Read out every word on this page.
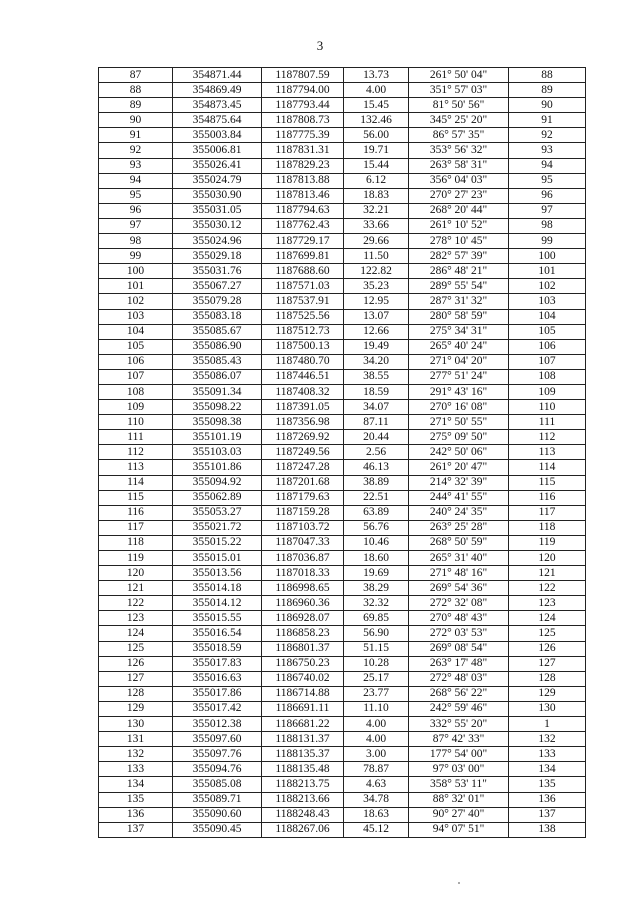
3
87	354871.44	1187807.59	13.73	261° 50' 04"	88
88	354869.49	1187794.00	4.00	351° 57' 03"	89
89	354873.45	1187793.44	15.45	81° 50' 56"	90
90	354875.64	1187808.73	132.46	345° 25' 20"	91
91	355003.84	1187775.39	56.00	86° 57' 35"	92
92	355006.81	1187831.31	19.71	353° 56' 32"	93
93	355026.41	1187829.23	15.44	263° 58' 31"	94
94	355024.79	1187813.88	6.12	356° 04' 03"	95
95	355030.90	1187813.46	18.83	270° 27' 23"	96
96	355031.05	1187794.63	32.21	268° 20' 44"	97
97	355030.12	1187762.43	33.66	261° 10' 52"	98
98	355024.96	1187729.17	29.66	278° 10' 45"	99
99	355029.18	1187699.81	11.50	282° 57' 39"	100
100	355031.76	1187688.60	122.82	286° 48' 21"	101
101	355067.27	1187571.03	35.23	289° 55' 54"	102
102	355079.28	1187537.91	12.95	287° 31' 32"	103
103	355083.18	1187525.56	13.07	280° 58' 59"	104
104	355085.67	1187512.73	12.66	275° 34' 31"	105
105	355086.90	1187500.13	19.49	265° 40' 24"	106
106	355085.43	1187480.70	34.20	271° 04' 20"	107
107	355086.07	1187446.51	38.55	277° 51' 24"	108
108	355091.34	1187408.32	18.59	291° 43' 16"	109
109	355098.22	1187391.05	34.07	270° 16' 08"	110
110	355098.38	1187356.98	87.11	271° 50' 55"	111
111	355101.19	1187269.92	20.44	275° 09' 50"	112
112	355103.03	1187249.56	2.56	242° 50' 06"	113
113	355101.86	1187247.28	46.13	261° 20' 47"	114
114	355094.92	1187201.68	38.89	214° 32' 39"	115
115	355062.89	1187179.63	22.51	244° 41' 55"	116
116	355053.27	1187159.28	63.89	240° 24' 35"	117
117	355021.72	1187103.72	56.76	263° 25' 28"	118
118	355015.22	1187047.33	10.46	268° 50' 59"	119
119	355015.01	1187036.87	18.60	265° 31' 40"	120
120	355013.56	1187018.33	19.69	271° 48' 16"	121
121	355014.18	1186998.65	38.29	269° 54' 36"	122
122	355014.12	1186960.36	32.32	272° 32' 08"	123
123	355015.55	1186928.07	69.85	270° 48' 43"	124
124	355016.54	1186858.23	56.90	272° 03' 53"	125
125	355018.59	1186801.37	51.15	269° 08' 54"	126
126	355017.83	1186750.23	10.28	263° 17' 48"	127
127	355016.63	1186740.02	25.17	272° 48' 03"	128
128	355017.86	1186714.88	23.77	268° 56' 22"	129
129	355017.42	1186691.11	11.10	242° 59' 46"	130
130	355012.38	1186681.22	4.00	332° 55' 20"	1
131	355097.60	1188131.37	4.00	87° 42' 33"	132
132	355097.76	1188135.37	3.00	177° 54' 00"	133
133	355094.76	1188135.48	78.87	97° 03' 00"	134
134	355085.08	1188213.75	4.63	358° 53' 11"	135
135	355089.71	1188213.66	34.78	88° 32' 01"	136
136	355090.60	1188248.43	18.63	90° 27' 40"	137
137	355090.45	1188267.06	45.12	94° 07' 51"	138
